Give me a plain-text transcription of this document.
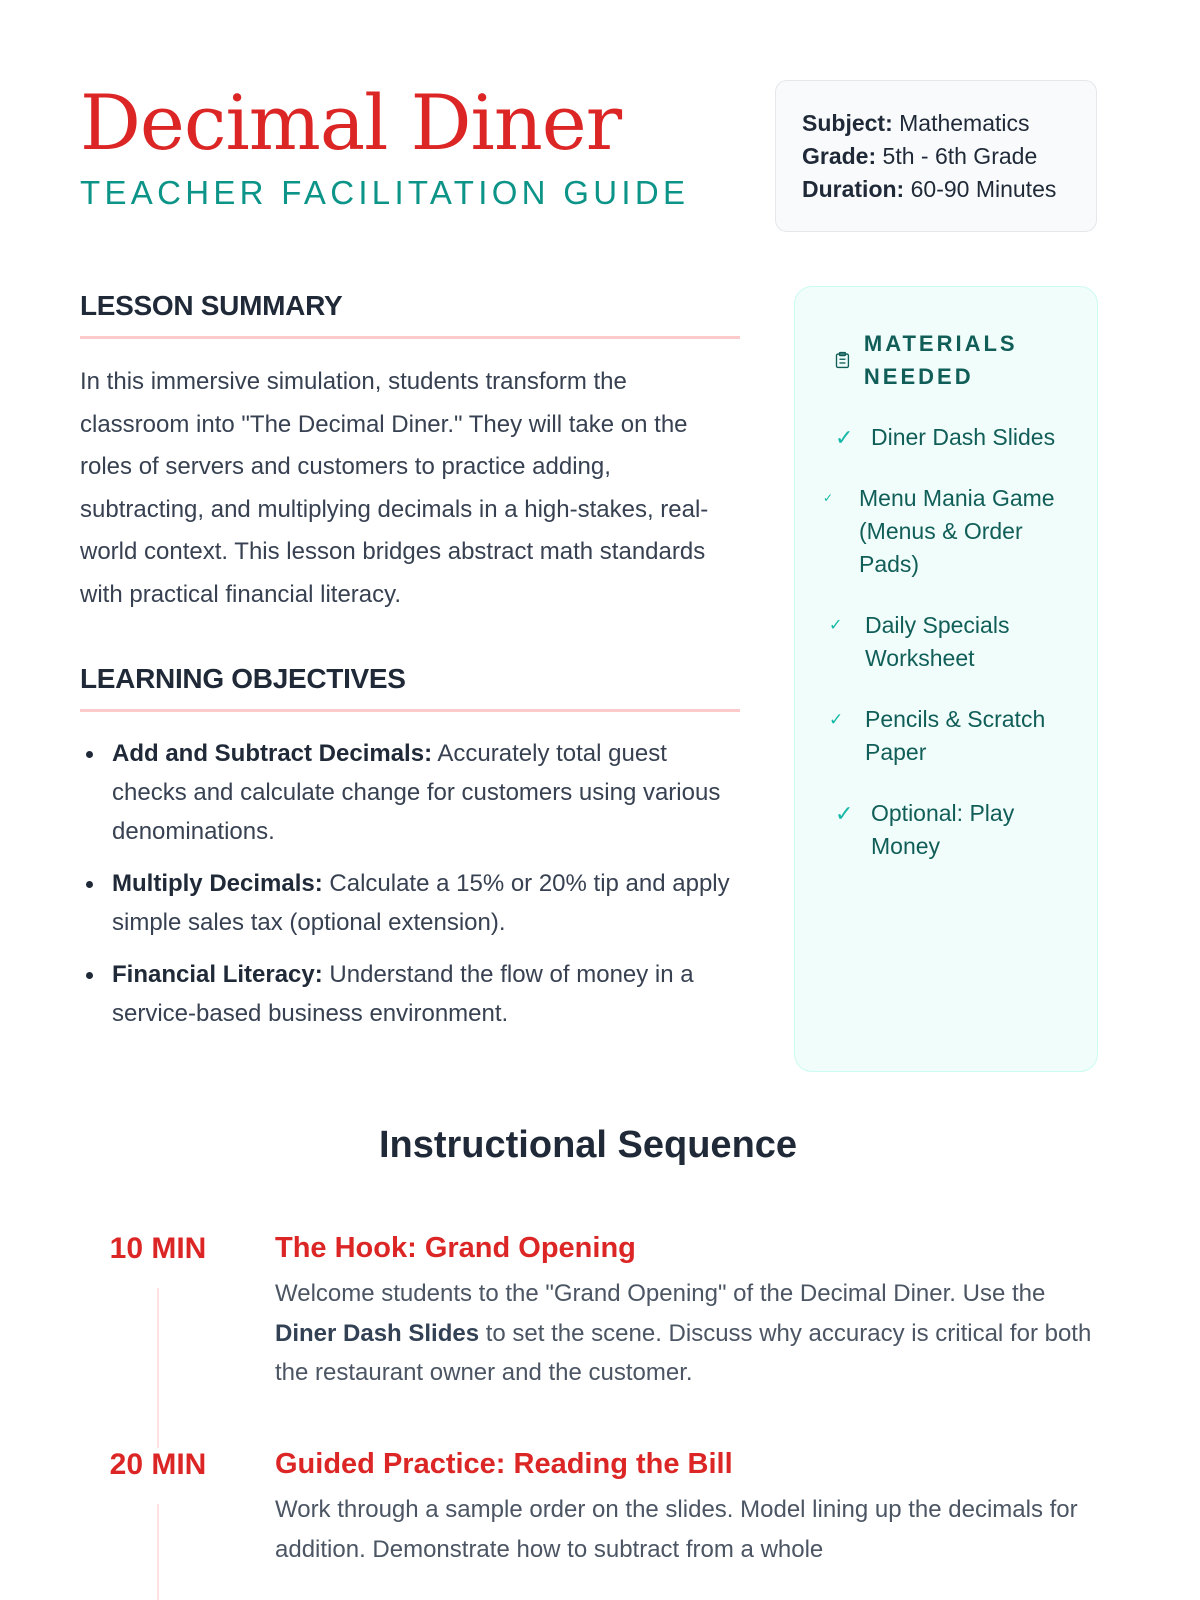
Decimal Diner
TEACHER FACILITATION GUIDE
Subject: Mathematics
Grade: 5th - 6th Grade
Duration: 60-90 Minutes
LESSON SUMMARY

In this immersive simulation, students transform the classroom into "The Decimal Diner." They will take on the roles of servers and customers to practice adding, subtracting, and multiplying decimals in a high-stakes, real-world context. This lesson bridges abstract math standards with practical financial literacy.

LEARNING OBJECTIVES
Add and Subtract Decimals: Accurately total guest checks and calculate change for customers using various denominations.
Multiply Decimals: Calculate a 15% or 20% tip and apply simple sales tax (optional extension).
Financial Literacy: Understand the flow of money in a service-based business environment.
MATERIALS NEEDED
✓ Diner Dash Slides
✓	Menu Mania Game (Menus & Order Pads)
✓ Daily Specials Worksheet
✓ Pencils & Scratch Paper
✓ Optional: Play Money
Instructional Sequence
10 MIN	The Hook: Grand Opening

Welcome students to the "Grand Opening" of the Decimal Diner. Use the Diner Dash Slides to set the scene. Discuss why accuracy is critical for both the restaurant owner and the customer.

20 MIN	Guided Practice: Reading the Bill

Work through a sample order on the slides. Model lining up the decimals for addition. Demonstrate how to subtract from a whole
